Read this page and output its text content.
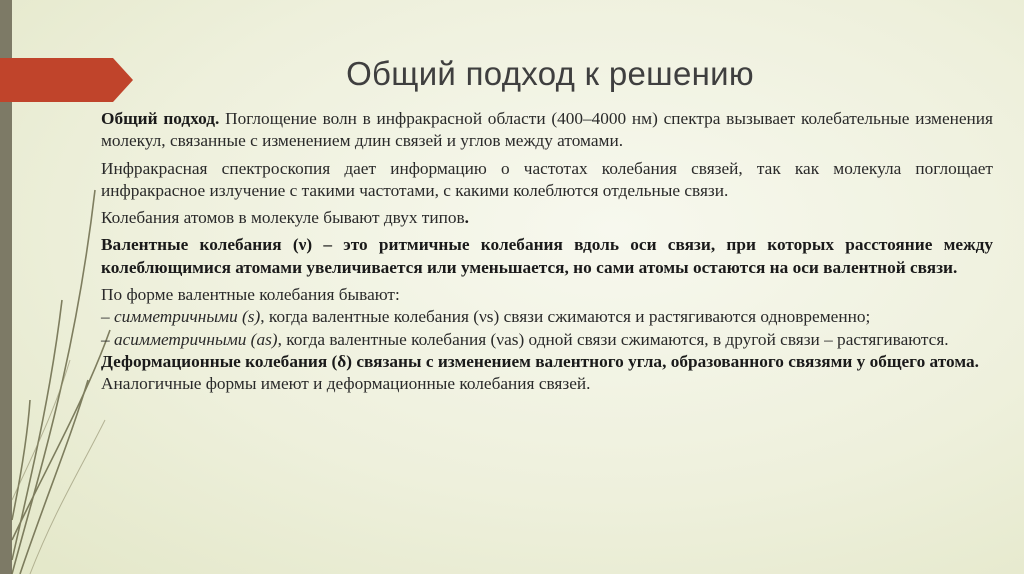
Общий подход к решению

Общий подход. Поглощение волн в инфракрасной области (400–4000 нм) спектра вызывает колебательные изменения молекул, связанные с изменением длин связей и углов между атомами.

Инфракрасная спектроскопия дает информацию о частотах колебания связей, так как молекула поглощает инфракрасное излучение с такими частотами, с какими колеблются отдельные связи.

Колебания атомов в молекуле бывают двух типов.

Валентные колебания (ν) – это ритмичные колебания вдоль оси связи, при которых расстояние между колеблющимися атомами увеличивается или уменьшается, но сами атомы остаются на оси валентной связи.

По форме валентные колебания бывают:

– симметричными (s), когда валентные колебания (νs) связи сжимаются и растягиваются одновременно;

– асимметричными (as), когда валентные колебания (νas) одной связи сжимаются, в другой связи – растягиваются.

Деформационные колебания (δ) связаны с изменением валентного угла, образованного связями у общего атома.

Аналогичные формы имеют и деформационные колебания связей.
